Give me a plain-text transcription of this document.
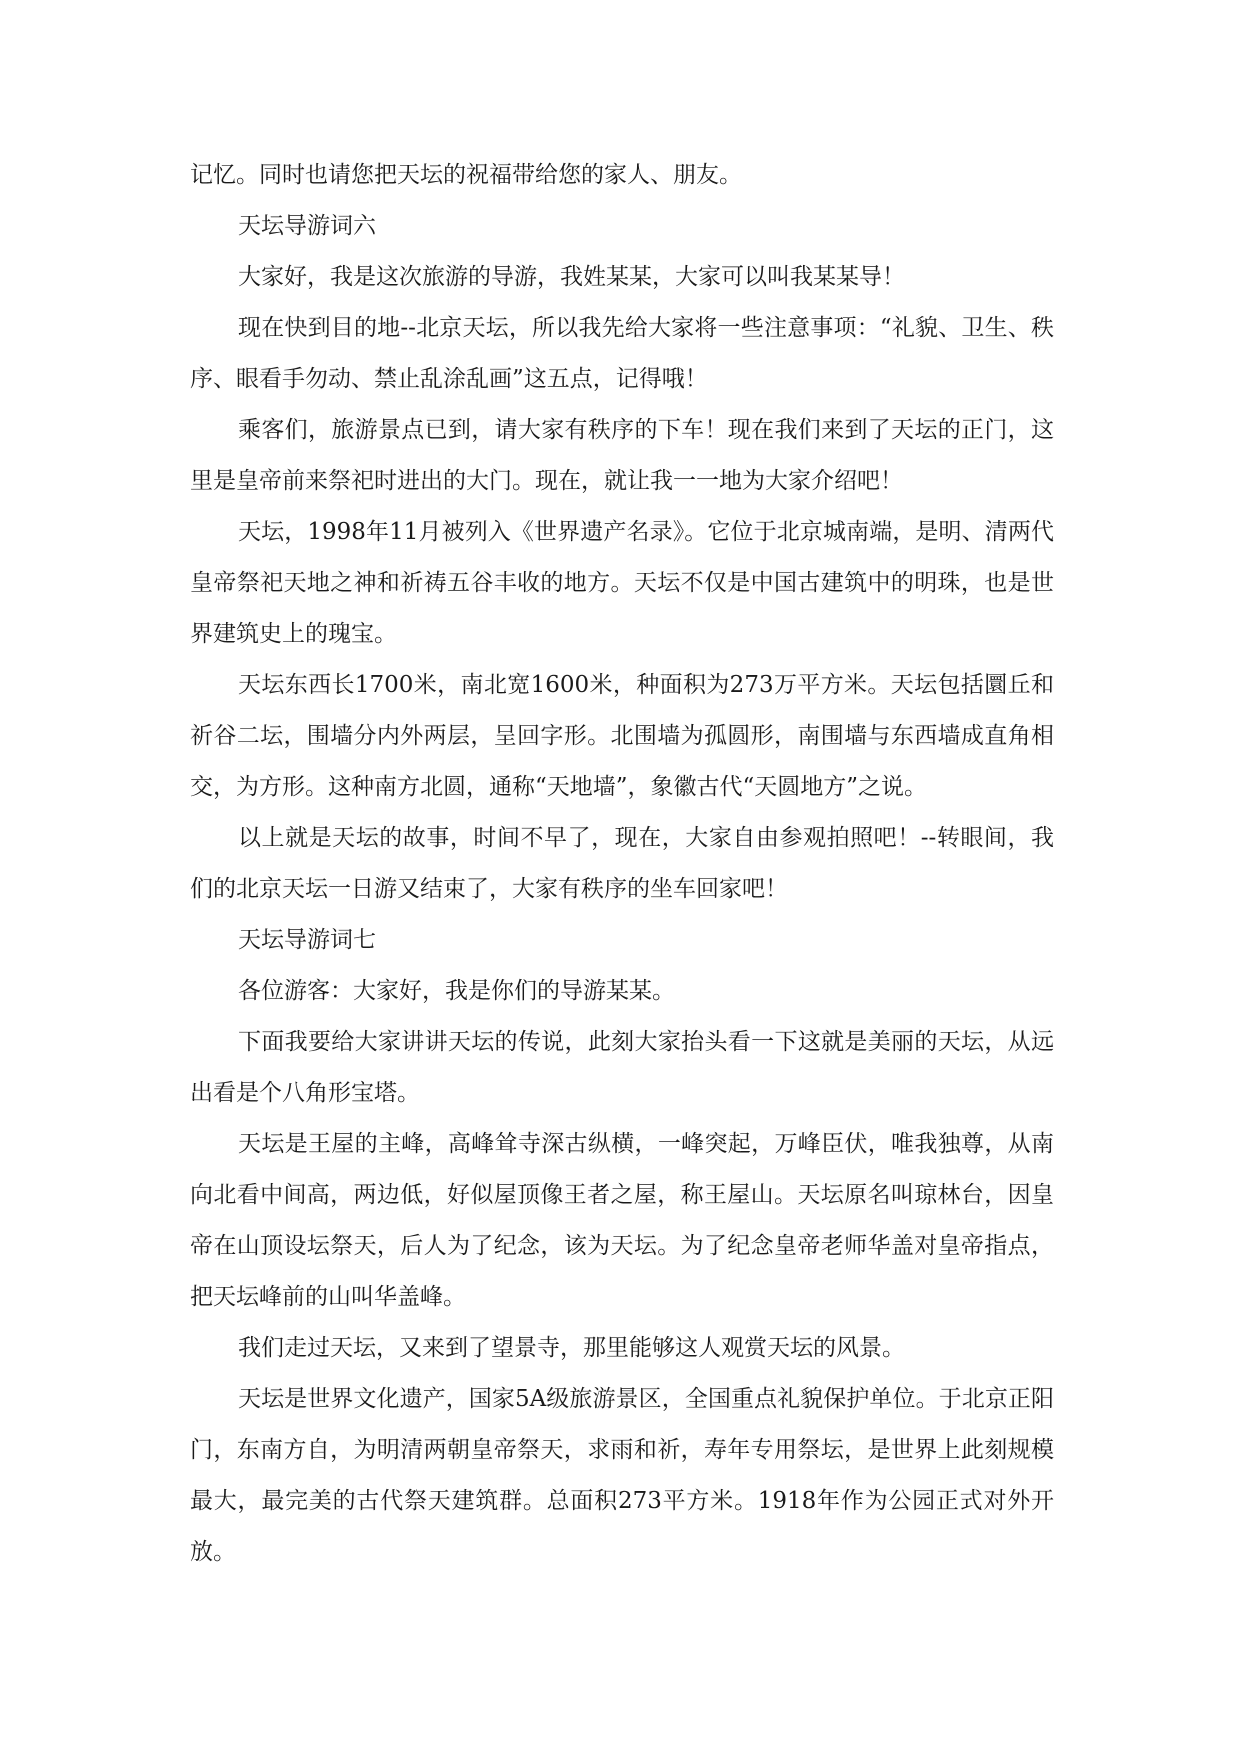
记忆。同时也请您把天坛的祝福带给您的家人、朋友。

天坛导游词六

大家好，我是这次旅游的导游，我姓某某，大家可以叫我某某导！

现在快到目的地--北京天坛，所以我先给大家将一些注意事项：“礼貌、卫生、秩序、眼看手勿动、禁止乱涂乱画”这五点，记得哦！

乘客们，旅游景点已到，请大家有秩序的下车！现在我们来到了天坛的正门，这里是皇帝前来祭祀时进出的大门。现在，就让我一一地为大家介绍吧！

天坛，1998年11月被列入《世界遗产名录》。它位于北京城南端，是明、清两代皇帝祭祀天地之神和祈祷五谷丰收的地方。天坛不仅是中国古建筑中的明珠，也是世界建筑史上的瑰宝。

天坛东西长1700米，南北宽1600米，种面积为273万平方米。天坛包括圜丘和祈谷二坛，围墙分内外两层，呈回字形。北围墙为孤圆形，南围墙与东西墙成直角相交，为方形。这种南方北圆，通称“天地墙”，象徽古代“天圆地方”之说。

以上就是天坛的故事，时间不早了，现在，大家自由参观拍照吧！--转眼间，我们的北京天坛一日游又结束了，大家有秩序的坐车回家吧！

天坛导游词七

各位游客：大家好，我是你们的导游某某。

下面我要给大家讲讲天坛的传说，此刻大家抬头看一下这就是美丽的天坛，从远出看是个八角形宝塔。

天坛是王屋的主峰，高峰耸寺深古纵横，一峰突起，万峰臣伏，唯我独尊，从南向北看中间高，两边低，好似屋顶像王者之屋，称王屋山。天坛原名叫琼林台，因皇帝在山顶设坛祭天，后人为了纪念，该为天坛。为了纪念皇帝老师华盖对皇帝指点，把天坛峰前的山叫华盖峰。

我们走过天坛，又来到了望景寺，那里能够这人观赏天坛的风景。

天坛是世界文化遗产，国家5A级旅游景区，全国重点礼貌保护单位。于北京正阳门，东南方自，为明清两朝皇帝祭天，求雨和祈，寿年专用祭坛，是世界上此刻规模最大，最完美的古代祭天建筑群。总面积273平方米。1918年作为公园正式对外开放。
